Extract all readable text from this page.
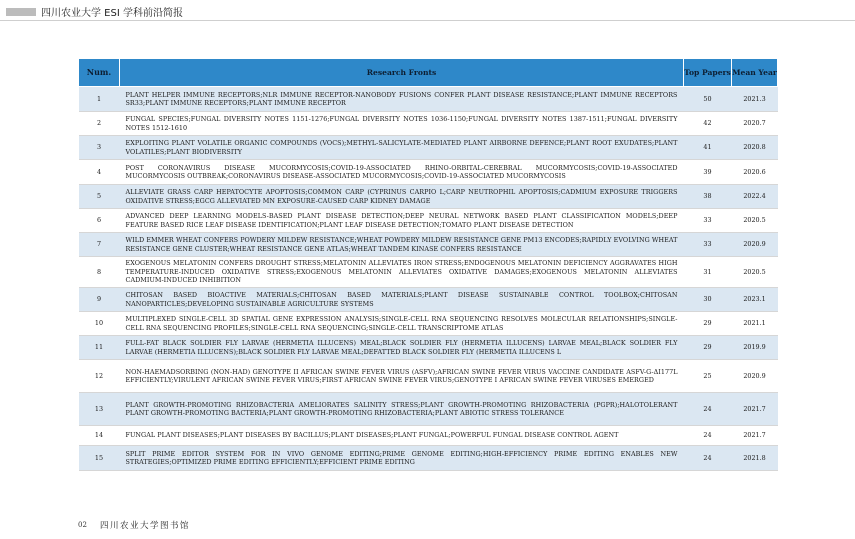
四川农业大学 ESI 学科前沿简报
Num.	Research Fronts	Top Papers	Mean Year
1	PLANT HELPER IMMUNE RECEPTORS;NLR IMMUNE RECEPTOR-NANOBODY FUSIONS CONFER PLANT DISEASE RESISTANCE;PLANT IMMUNE RECEPTORS SR33;PLANT IMMUNE RECEPTORS;PLANT IMMUNE RECEPTOR	50	2021.3
2	FUNGAL SPECIES;FUNGAL DIVERSITY NOTES 1151-1276;FUNGAL DIVERSITY NOTES 1036-1150;FUNGAL DIVERSITY NOTES 1387-1511;FUNGAL DIVERSITY NOTES 1512-1610	42	2020.7
3	EXPLOITING PLANT VOLATILE ORGANIC COMPOUNDS (VOCS);METHYL-SALICYLATE-MEDIATED PLANT AIRBORNE DEFENCE;PLANT ROOT EXUDATES;PLANT VOLATILES;PLANT BIODIVERSITY	41	2020.8
4	POST CORONAVIRUS DISEASE MUCORMYCOSIS;COVID-19-ASSOCIATED RHINO-ORBITAL-CEREBRAL MUCORMYCOSIS;COVID-19-ASSOCIATED MUCORMYCOSIS OUTBREAK;CORONAVIRUS DISEASE-ASSOCIATED MUCORMYCOSIS;COVID-19-ASSOCIATED MUCORMYCOSIS	39	2020.6
5	ALLEVIATE GRASS CARP HEPATOCYTE APOPTOSIS;COMMON CARP (CYPRINUS CARPIO L;CARP NEUTROPHIL APOPTOSIS;CADMIUM EXPOSURE TRIGGERS OXIDATIVE STRESS;EGCG ALLEVIATED MN EXPOSURE-CAUSED CARP KIDNEY DAMAGE	38	2022.4
6	ADVANCED DEEP LEARNING MODELS-BASED PLANT DISEASE DETECTION;DEEP NEURAL NETWORK BASED PLANT CLASSIFICATION MODELS;DEEP FEATURE BASED RICE LEAF DISEASE IDENTIFICATION;PLANT LEAF DISEASE DETECTION;TOMATO PLANT DISEASE DETECTION	33	2020.5
7	WILD EMMER WHEAT CONFERS POWDERY MILDEW RESISTANCE;WHEAT POWDERY MILDEW RESISTANCE GENE PM13 ENCODES;RAPIDLY EVOLVING WHEAT RESISTANCE GENE CLUSTER;WHEAT RESISTANCE GENE ATLAS;WHEAT TANDEM KINASE CONFERS RESISTANCE	33	2020.9
8	EXOGENOUS MELATONIN CONFERS DROUGHT STRESS;MELATONIN ALLEVIATES IRON STRESS;ENDOGENOUS MELATONIN DEFICIENCY AGGRAVATES HIGH TEMPERATURE-INDUCED OXIDATIVE STRESS;EXOGENOUS MELATONIN ALLEVIATES OXIDATIVE DAMAGES;EXOGENOUS MELATONIN ALLEVIATES CADMIUM-INDUCED INHIBITION	31	2020.5
9	CHITOSAN BASED BIOACTIVE MATERIALS;CHITOSAN BASED MATERIALS;PLANT DISEASE SUSTAINABLE CONTROL TOOLBOX;CHITOSAN NANOPARTICLES;DEVELOPING SUSTAINABLE AGRICULTURE SYSTEMS	30	2023.1
10	MULTIPLEXED SINGLE-CELL 3D SPATIAL GENE EXPRESSION ANALYSIS;SINGLE-CELL RNA SEQUENCING RESOLVES MOLECULAR RELATIONSHIPS;SINGLE-CELL RNA SEQUENCING PROFILES;SINGLE-CELL RNA SEQUENCING;SINGLE-CELL TRANSCRIPTOME ATLAS	29	2021.1
11	FULL-FAT BLACK SOLDIER FLY LARVAE (HERMETIA ILLUCENS) MEAL;BLACK SOLDIER FLY (HERMETIA ILLUCENS) LARVAE MEAL;BLACK SOLDIER FLY LARVAE (HERMETIA ILLUCENS);BLACK SOLDIER FLY LARVAE MEAL;DEFATTED BLACK SOLDIER FLY (HERMETIA ILLUCENS L	29	2019.9
12	NON-HAEMADSORBING (NON-HAD) GENOTYPE II AFRICAN SWINE FEVER VIRUS (ASFV);AFRICAN SWINE FEVER VIRUS VACCINE CANDIDATE ASFV-G-ΔI177L EFFICIENTLY;VIRULENT AFRICAN SWINE FEVER VIRUS;FIRST AFRICAN SWINE FEVER VIRUS;GENOTYPE I AFRICAN SWINE FEVER VIRUSES EMERGED	25	2020.9
13	PLANT GROWTH-PROMOTING RHIZOBACTERIA AMELIORATES SALINITY STRESS;PLANT GROWTH-PROMOTING RHIZOBACTERIA (PGPR);HALOTOLERANT PLANT GROWTH-PROMOTING BACTERIA;PLANT GROWTH-PROMOTING RHIZOBACTERIA;PLANT ABIOTIC STRESS TOLERANCE	24	2021.7
14	FUNGAL PLANT DISEASES;PLANT DISEASES BY BACILLUS;PLANT DISEASES;PLANT FUNGAL;POWERFUL FUNGAL DISEASE CONTROL AGENT	24	2021.7
15	SPLIT PRIME EDITOR SYSTEM FOR IN VIVO GENOME EDITING;PRIME GENOME EDITING;HIGH-EFFICIENCY PRIME EDITING ENABLES NEW STRATEGIES;OPTIMIZED PRIME EDITING EFFICIENTLY;EFFICIENT PRIME EDITING	24	2021.8
02 四川农业大学图书馆
